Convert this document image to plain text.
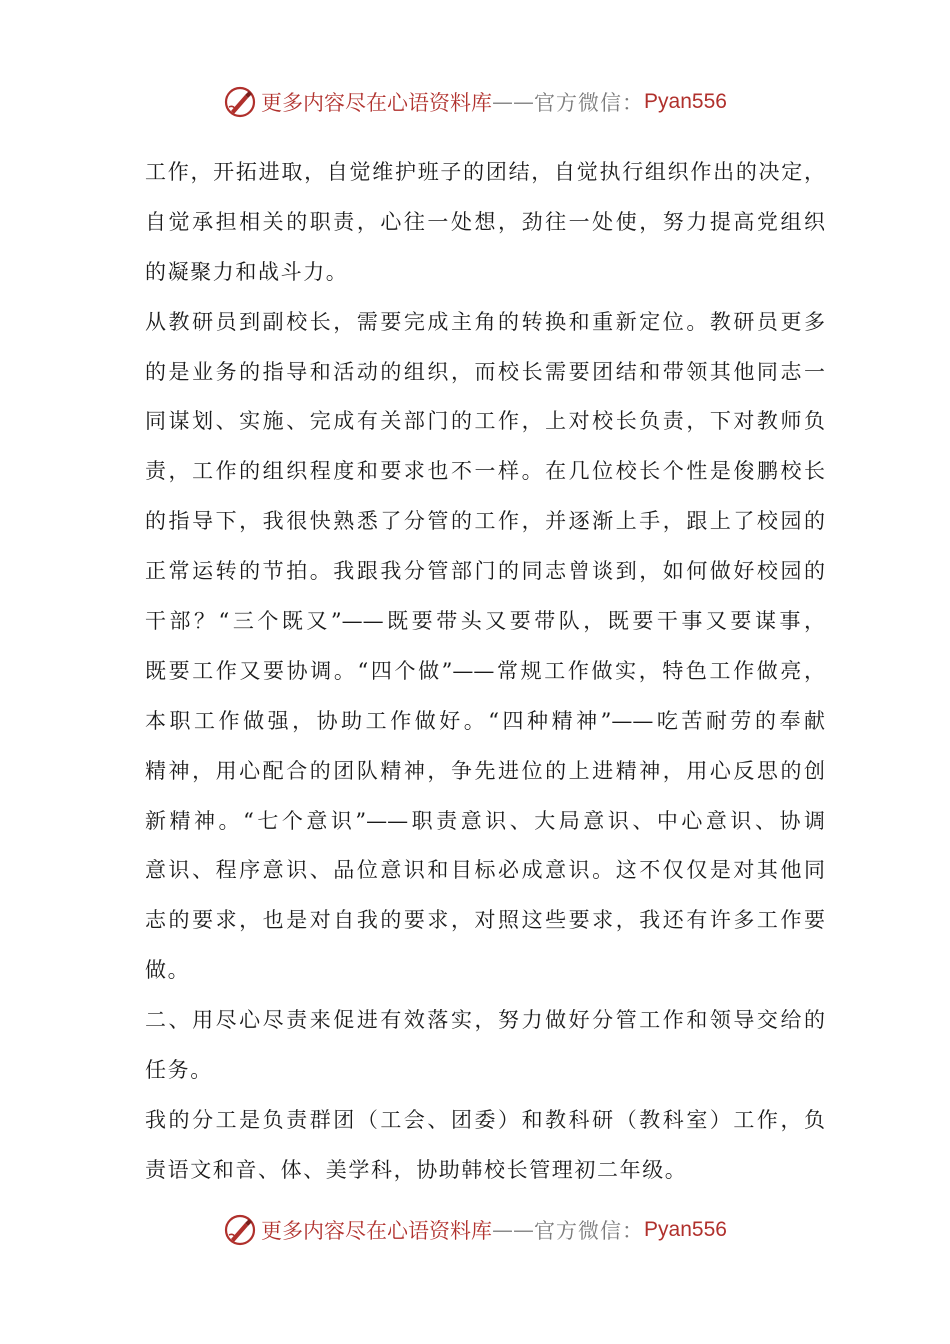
更多内容尽在心语资料库 —— 官方微信： Pyan556
工作，开拓进取，自觉维护班子的团结，自觉执行组织作出的决定，
自觉承担相关的职责，心往一处想，劲往一处使，努力提高党组织
的凝聚力和战斗力。
从教研员到副校长，需要完成主角的转换和重新定位。教研员更多
的是业务的指导和活动的组织，而校长需要团结和带领其他同志一
同谋划、实施、完成有关部门的工作，上对校长负责，下对教师负
责，工作的组织程度和要求也不一样。在几位校长个性是俊鹏校长
的指导下，我很快熟悉了分管的工作，并逐渐上手，跟上了校园的
正常运转的节拍。我跟我分管部门的同志曾谈到，如何做好校园的
干部？“三个既又”——既要带头又要带队，既要干事又要谋事，
既要工作又要协调。“四个做”——常规工作做实，特色工作做亮，
本职工作做强，协助工作做好。“四种精神”——吃苦耐劳的奉献
精神，用心配合的团队精神，争先进位的上进精神，用心反思的创
新精神。“七个意识”——职责意识、大局意识、中心意识、协调
意识、程序意识、品位意识和目标必成意识。这不仅仅是对其他同
志的要求，也是对自我的要求，对照这些要求，我还有许多工作要
做。
二、用尽心尽责来促进有效落实，努力做好分管工作和领导交给的
任务。
我的分工是负责群团（工会、团委）和教科研（教科室）工作，负
责语文和音、体、美学科，协助韩校长管理初二年级。
更多内容尽在心语资料库 —— 官方微信： Pyan556
